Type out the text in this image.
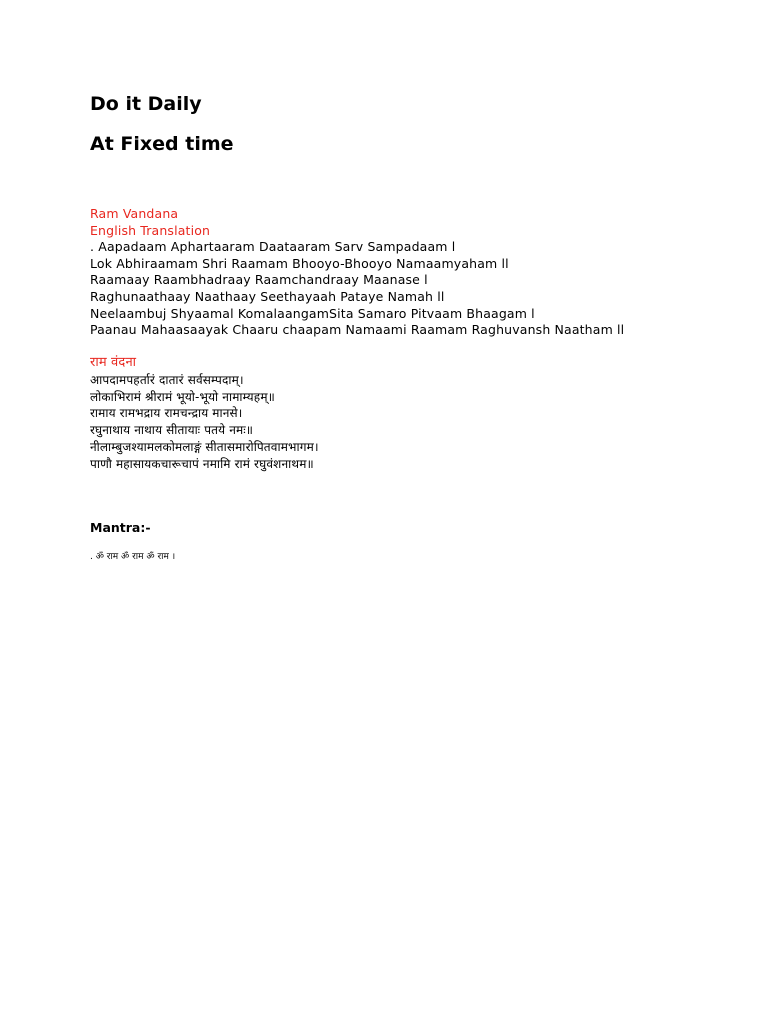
Do it Daily
At Fixed time
Ram Vandana
English Translation
. Aapadaam Aphartaaram Daataaram Sarv Sampadaam l
Lok Abhiraamam Shri Raamam Bhooyo-Bhooyo Namaamyaham ll
Raamaay Raambhadraay Raamchandraay Maanase l
Raghunaathaay Naathaay Seethayaah Pataye Namah ll
Neelaambuj Shyaamal KomalaangamSita Samaro Pitvaam Bhaagam l
Paanau Mahaasaayak Chaaru chaapam Namaami Raamam Raghuvansh Naatham ll
राम वंदना
आपदामपहर्तारं दातारं सर्वसम्पदाम्।
लोकाभिरामं श्रीरामं भूयो-भूयो नामाम्यहम्॥
रामाय रामभद्राय रामचन्द्राय मानसे।
रघुनाथाय नाथाय सीतायाः पतये नमः॥
नीलाम्बुजश्यामलकोमलाङ्गं सीतासमारोपितवामभागम।
पाणौ महासायकचारूचापं नमामि रामं रघुवंशनाथम॥
Mantra:-
. ॐ राम ॐ राम ॐ राम ।
